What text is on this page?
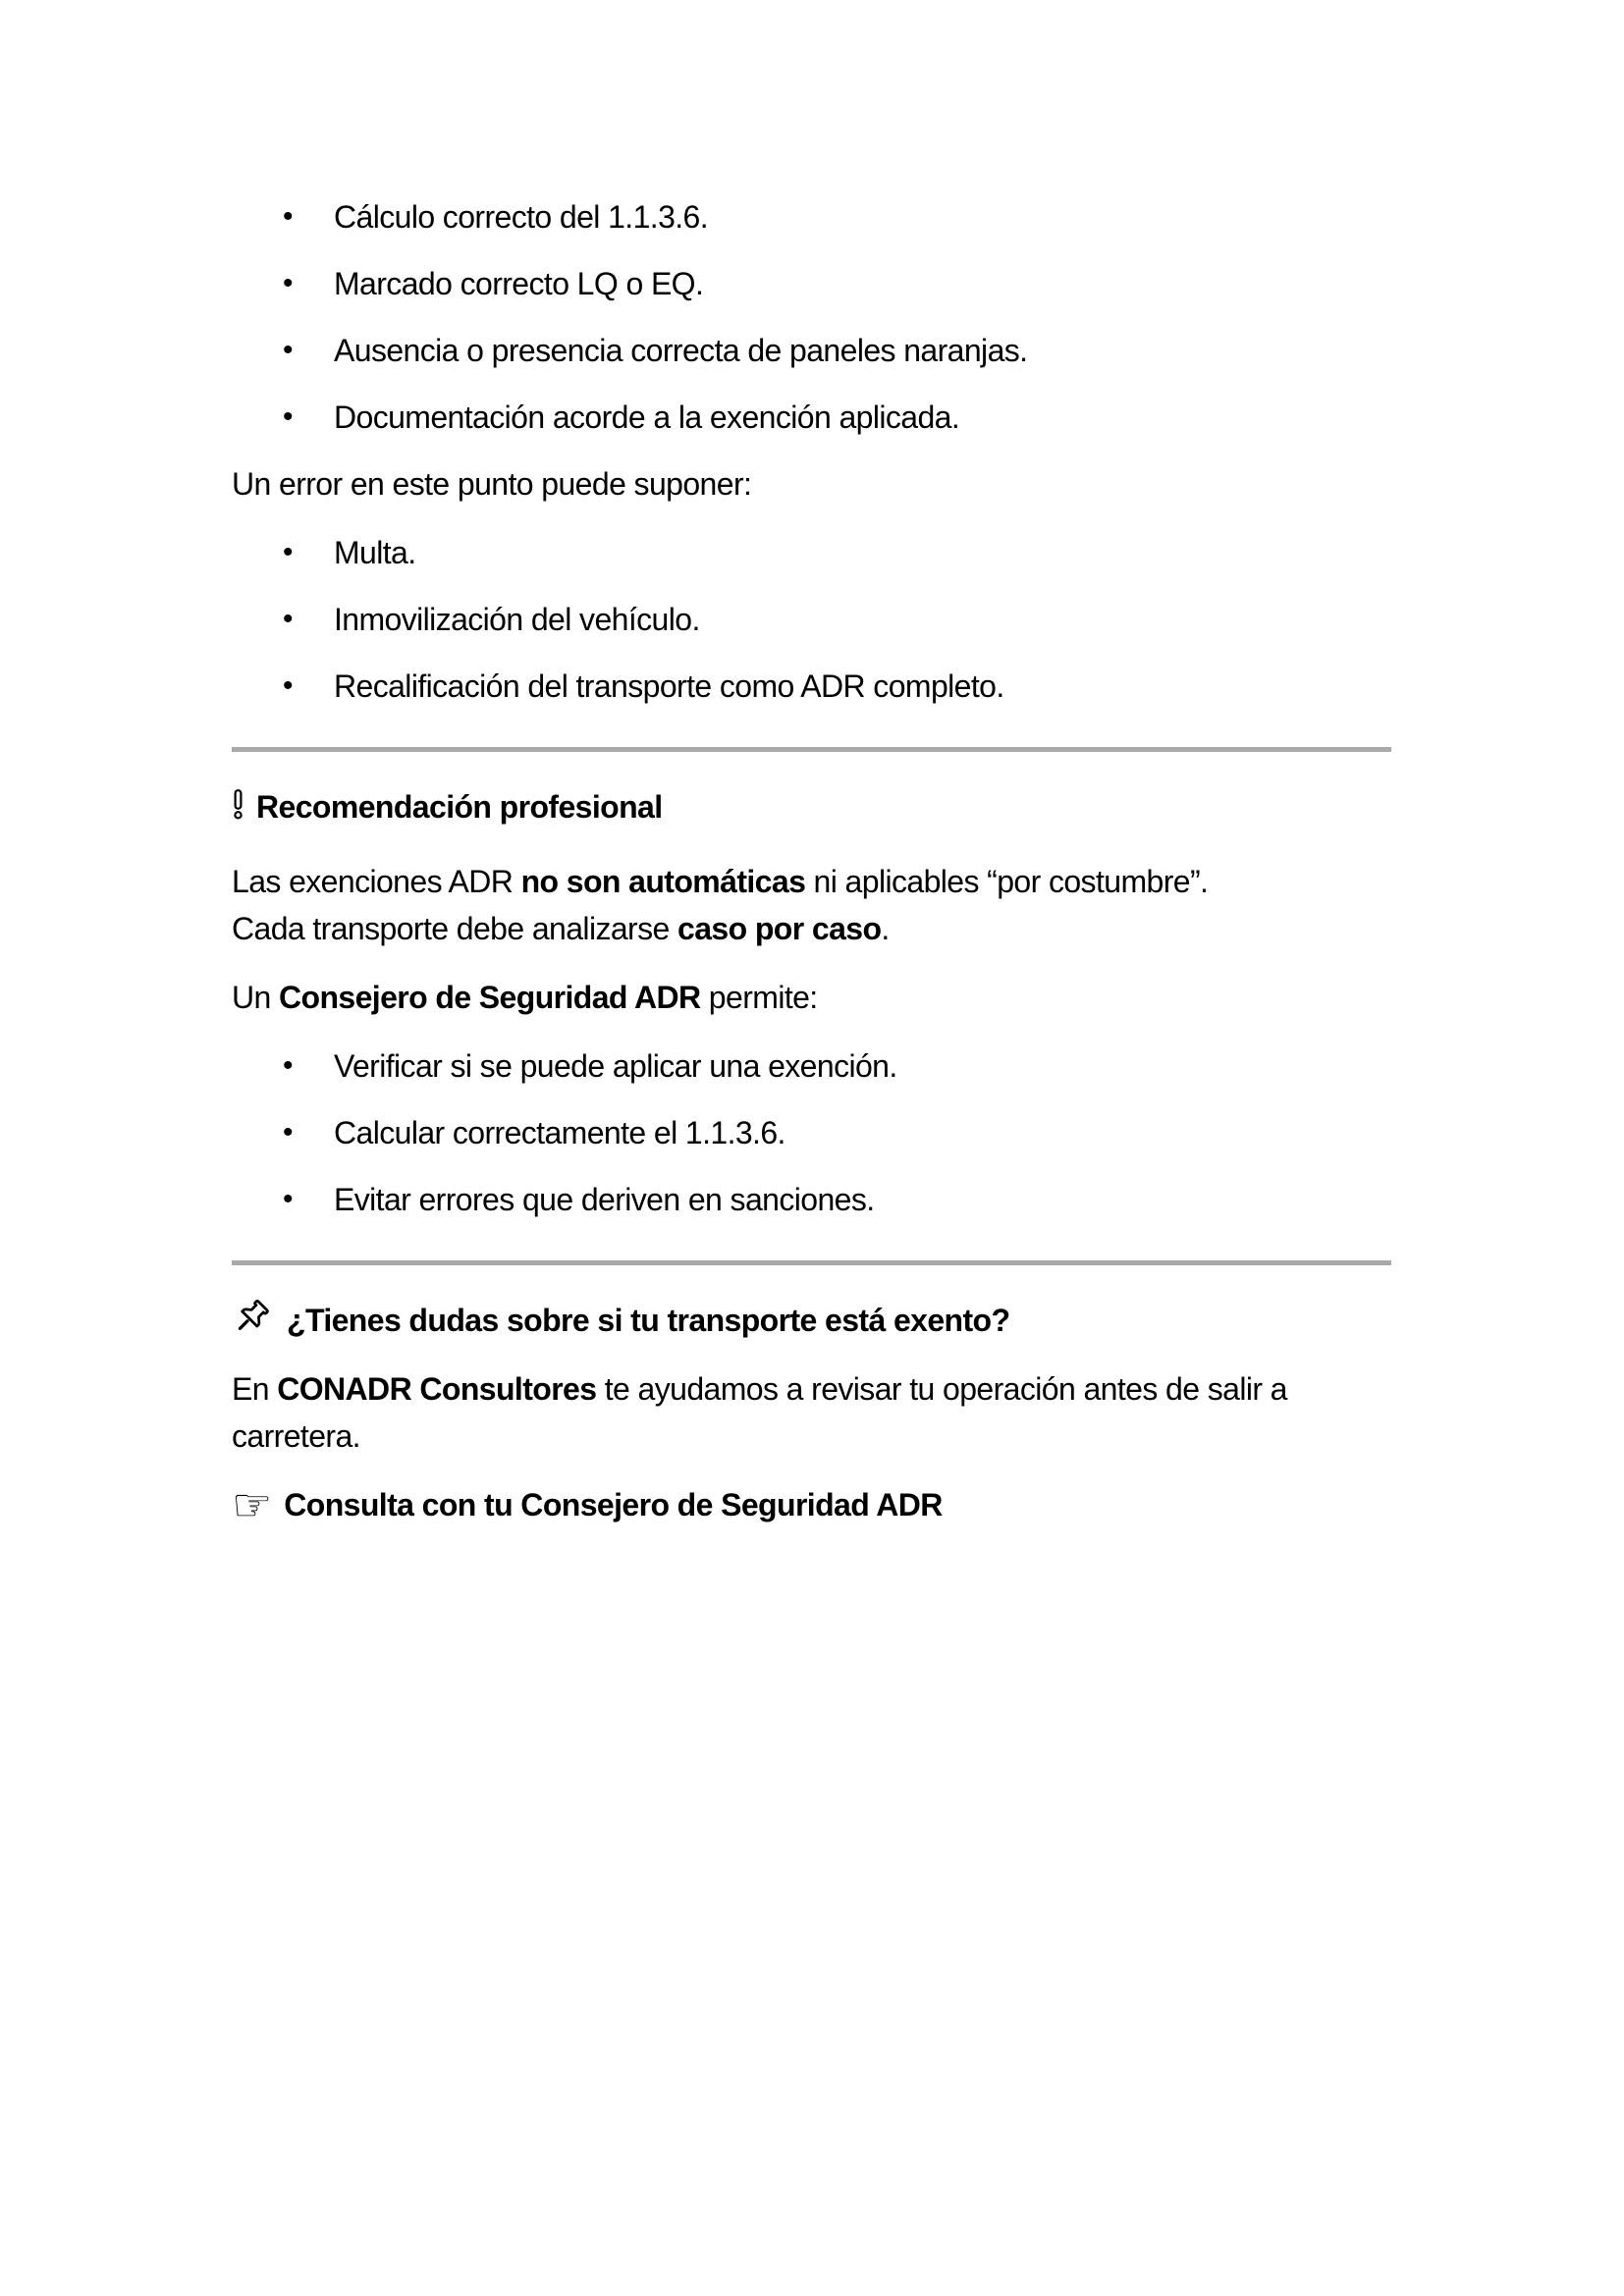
• Cálculo correcto del 1.1.3.6.
• Marcado correcto LQ o EQ.
• Ausencia o presencia correcta de paneles naranjas.
• Documentación acorde a la exención aplicada.

Un error en este punto puede suponer:

• Multa.
• Inmovilización del vehículo.
• Recalificación del transporte como ADR completo.
Recomendación profesional

Las exenciones ADR no son automáticas ni aplicables “por costumbre”.
Cada transporte debe analizarse caso por caso.

Un Consejero de Seguridad ADR permite:

• Verificar si se puede aplicar una exención.
• Calcular correctamente el 1.1.3.6.
• Evitar errores que deriven en sanciones.
¿Tienes dudas sobre si tu transporte está exento?

En CONADR Consultores te ayudamos a revisar tu operación antes de salir a carretera.

☞ Consulta con tu Consejero de Seguridad ADR
